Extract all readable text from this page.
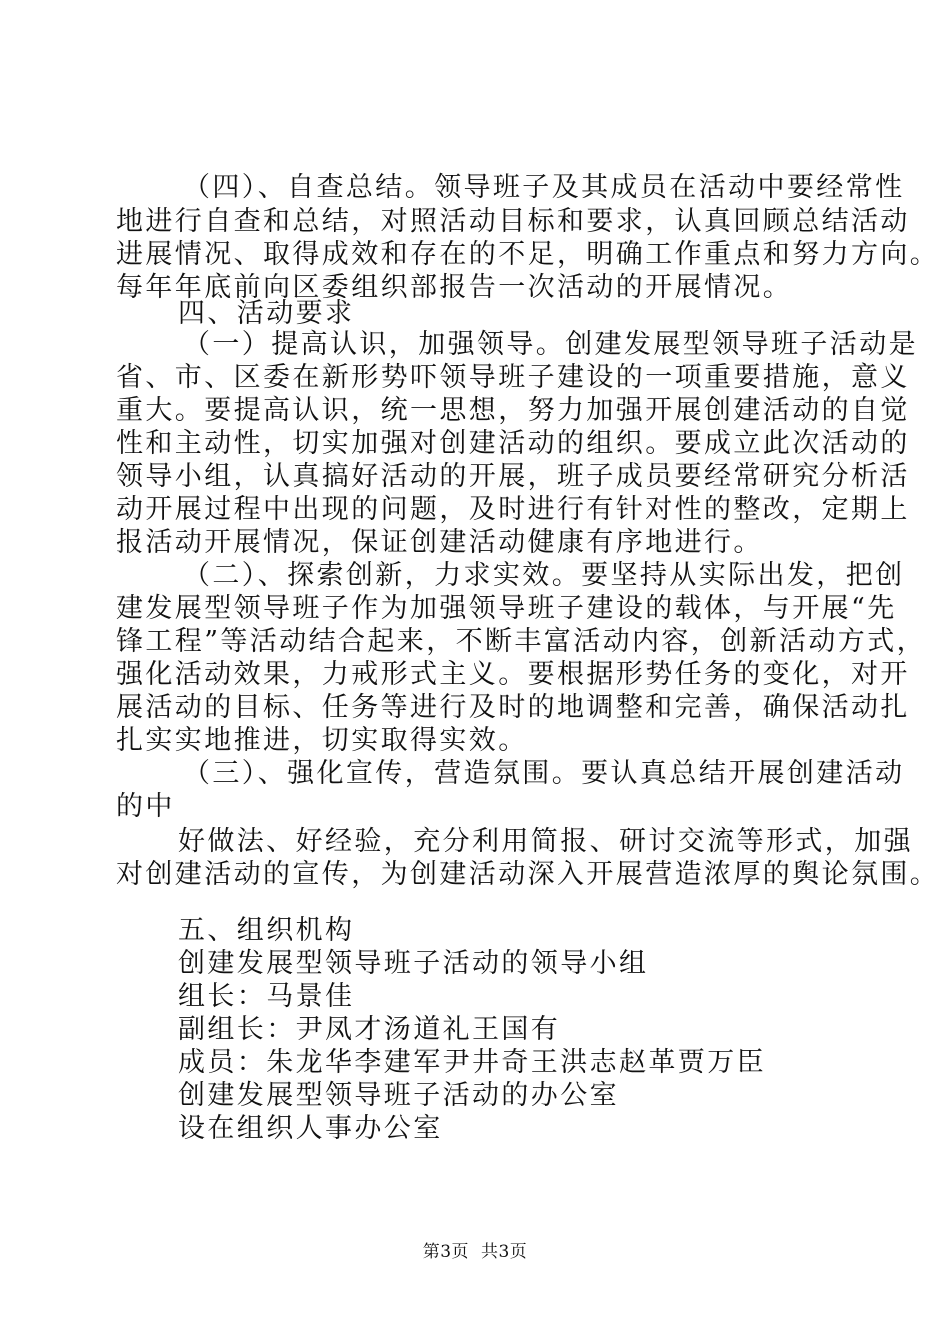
（四）、自查总结。领导班子及其成员在活动中要经常性

地进行自查和总结，对照活动目标和要求，认真回顾总结活动

进展情况、取得成效和存在的不足，明确工作重点和努力方向。

每年年底前向区委组织部报告一次活动的开展情况。

四、活动要求

（一）提高认识，加强领导。创建发展型领导班子活动是

省、市、区委在新形势吓领导班子建设的一项重要措施，意义

重大。要提高认识，统一思想，努力加强开展创建活动的自觉

性和主动性，切实加强对创建活动的组织。要成立此次活动的

领导小组，认真搞好活动的开展，班子成员要经常研究分析活

动开展过程中出现的问题，及时进行有针对性的整改，定期上

报活动开展情况，保证创建活动健康有序地进行。

（二）、探索创新，力求实效。要坚持从实际出发，把创

建发展型领导班子作为加强领导班子建设的载体，与开展“先

锋工程”等活动结合起来，不断丰富活动内容，创新活动方式，

强化活动效果，力戒形式主义。要根据形势任务的变化，对开

展活动的目标、任务等进行及时的地调整和完善，确保活动扎

扎实实地推进，切实取得实效。

（三）、强化宣传，营造氛围。要认真总结开展创建活动

的中

好做法、好经验，充分利用简报、研讨交流等形式，加强

对创建活动的宣传，为创建活动深入开展营造浓厚的舆论氛围。

五、组织机构

创建发展型领导班子活动的领导小组

组长：马景佳

副组长：尹凤才汤道礼王国有

成员：朱龙华李建军尹井奇王洪志赵革贾万臣

创建发展型领导班子活动的办公室

设在组织人事办公室

第3页 共3页
